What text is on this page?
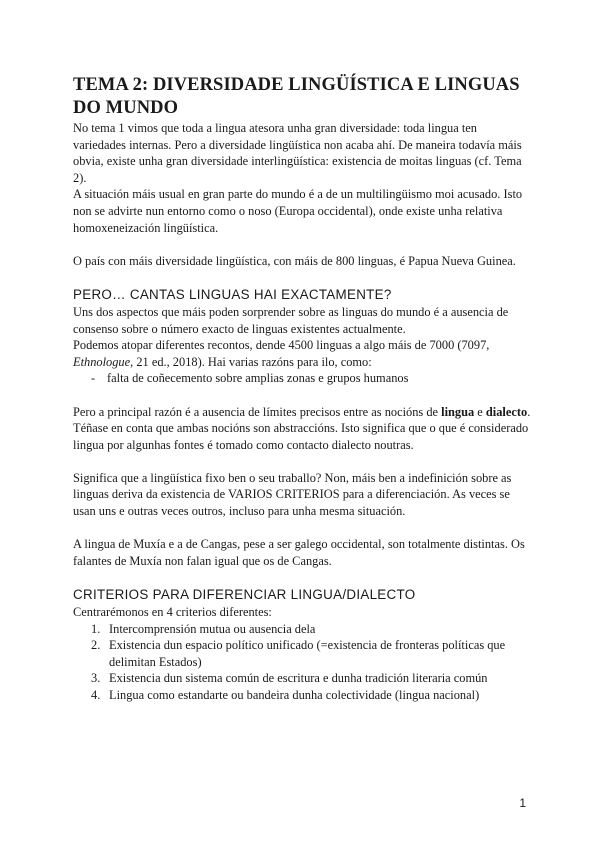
TEMA 2: DIVERSIDADE LINGÜÍSTICA E LINGUAS DO MUNDO

No tema 1 vimos que toda a lingua atesora unha gran diversidade: toda lingua ten variedades internas. Pero a diversidade lingüística non acaba ahí. De maneira todavía máis obvia, existe unha gran diversidade interlingüística: existencia de moitas linguas (cf. Tema 2).

A situación máis usual en gran parte do mundo é a de un multilingüismo moi acusado. Isto non se advirte nun entorno como o noso (Europa occidental), onde existe unha relativa homoxeneización lingüística.

O país con máis diversidade lingüística, con máis de 800 linguas, é Papua Nueva Guinea.

PERO… CANTAS LINGUAS HAI EXACTAMENTE?

Uns dos aspectos que máis poden sorprender sobre as linguas do mundo é a ausencia de consenso sobre o número exacto de linguas existentes actualmente.

Podemos atopar diferentes recontos, dende 4500 linguas a algo máis de 7000 (7097, Ethnologue, 21 ed., 2018). Hai varias razóns para ilo, como:

- falta de coñecemento sobre amplias zonas e grupos humanos

Pero a principal razón é a ausencia de límites precisos entre as nocións de lingua e dialecto. Téñase en conta que ambas nocións son abstraccións. Isto significa que o que é considerado lingua por algunhas fontes é tomado como contacto dialecto noutras.

Significa que a lingüística fixo ben o seu traballo? Non, máis ben a indefinición sobre as linguas deriva da existencia de VARIOS CRITERIOS para a diferenciación. As veces se usan uns e outras veces outros, incluso para unha mesma situación.

A lingua de Muxía e a de Cangas, pese a ser galego occidental, son totalmente distintas. Os falantes de Muxía non falan igual que os de Cangas.

CRITERIOS PARA DIFERENCIAR LINGUA/DIALECTO

Centrarémonos en 4 criterios diferentes:

1. Intercomprensión mutua ou ausencia dela
2. Existencia dun espacio político unificado (=existencia de fronteras políticas que delimitan Estados)
3. Existencia dun sistema común de escritura e dunha tradición literaria común
4. Lingua como estandarte ou bandeira dunha colectividade (lingua nacional)
1
